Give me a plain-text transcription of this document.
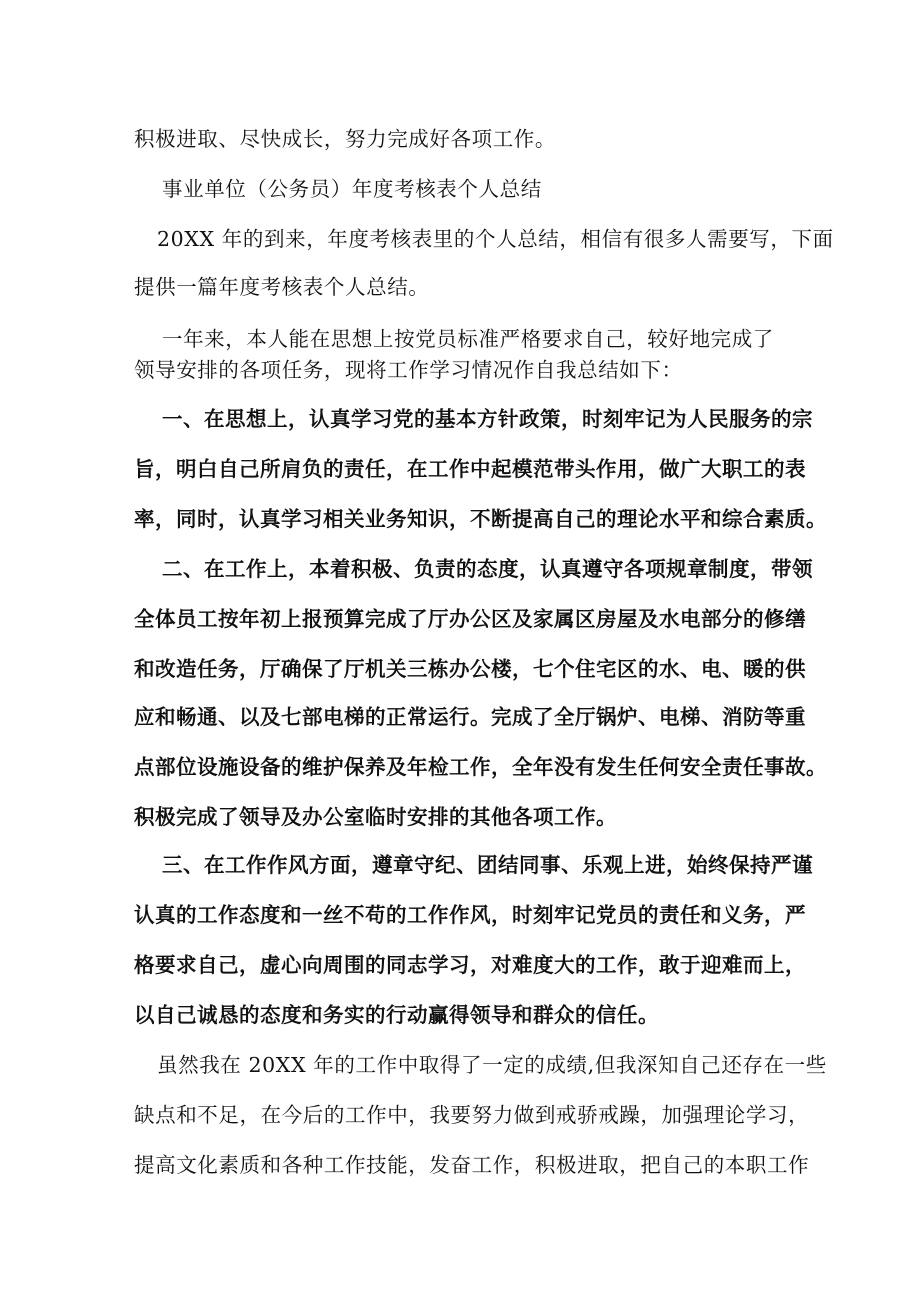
积极进取、尽快成长，努力完成好各项工作。
事业单位（公务员）年度考核表个人总结
20XX 年的到来，年度考核表里的个人总结，相信有很多人需要写，下面
提供一篇年度考核表个人总结。
一年来，本人能在思想上按党员标准严格要求自己，较好地完成了
领导安排的各项任务，现将工作学习情况作自我总结如下：
一、在思想上，认真学习党的基本方针政策，时刻牢记为人民服务的宗
旨，明白自己所肩负的责任，在工作中起模范带头作用，做广大职工的表
率，同时，认真学习相关业务知识，不断提高自己的理论水平和综合素质。
二、在工作上，本着积极、负责的态度，认真遵守各项规章制度，带领
全体员工按年初上报预算完成了厅办公区及家属区房屋及水电部分的修缮
和改造任务，厅确保了厅机关三栋办公楼，七个住宅区的水、电、暖的供
应和畅通、以及七部电梯的正常运行。完成了全厅锅炉、电梯、消防等重
点部位设施设备的维护保养及年检工作，全年没有发生任何安全责任事故。
积极完成了领导及办公室临时安排的其他各项工作。
三、在工作作风方面，遵章守纪、团结同事、乐观上进，始终保持严谨
认真的工作态度和一丝不苟的工作作风，时刻牢记党员的责任和义务，严
格要求自己，虚心向周围的同志学习，对难度大的工作，敢于迎难而上，
以自己诚恳的态度和务实的行动赢得领导和群众的信任。
虽然我在 20XX 年的工作中取得了一定的成绩,但我深知自己还存在一些
缺点和不足，在今后的工作中，我要努力做到戒骄戒躁，加强理论学习，
提高文化素质和各种工作技能，发奋工作，积极进取，把自己的本职工作
